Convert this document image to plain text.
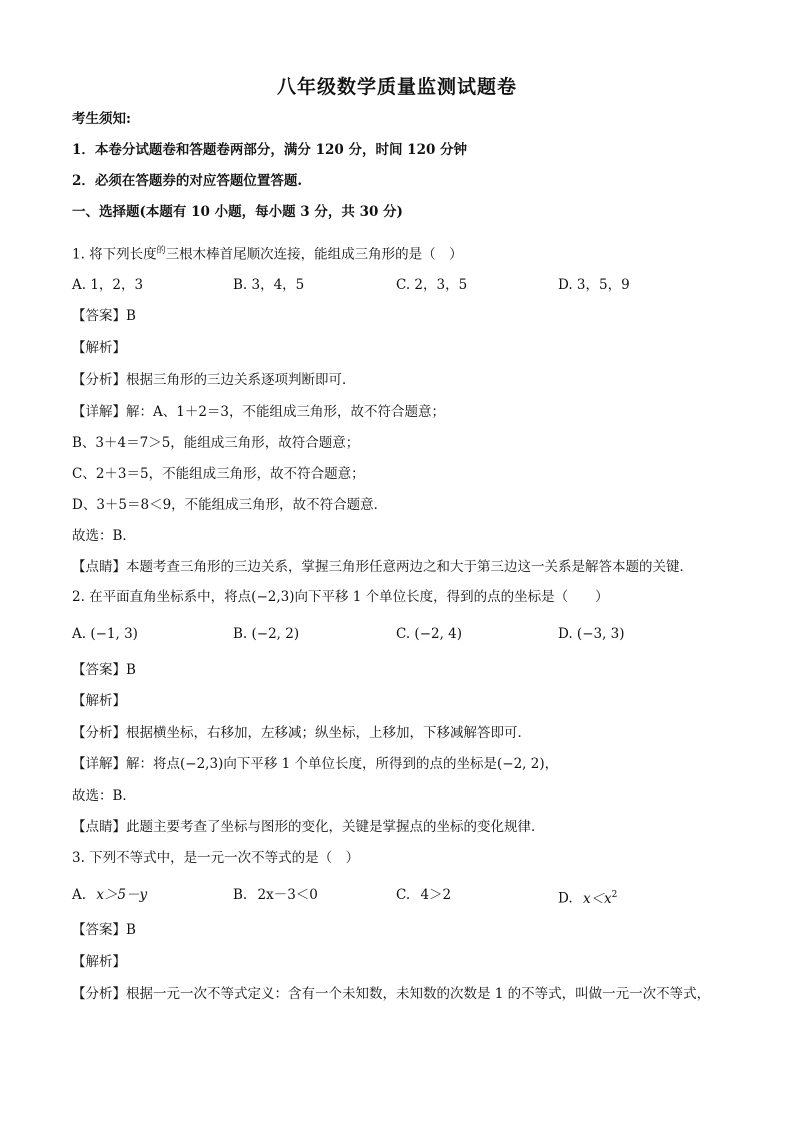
八年级数学质量监测试题卷
考生须知:
1．本卷分试题卷和答题卷两部分，满分 120 分，时间 120 分钟
2．必须在答题券的对应答题位置答题.
一、选择题(本题有 10 小题，每小题 3 分，共 30 分)
1. 将下列长度$^的$三根木棒首尾顺次连接，能组成三角形的是（　）
A. 1，2，3	B. 3，4，5	C. 2，3，5	D. 3，5，9
【答案】B
【解析】
【分析】根据三角形的三边关系逐项判断即可．
【详解】解：A、1＋2＝3，不能组成三角形，故不符合题意；
B、3＋4＝7＞5，能组成三角形，故符合题意；
C、2＋3＝5，不能组成三角形，故不符合题意；
D、3＋5＝8＜9，不能组成三角形，故不符合题意．
故选：B．
【点睛】本题考查三角形的三边关系，掌握三角形任意两边之和大于第三边这一关系是解答本题的关键．
2. 在平面直角坐标系中，将点(−2,3)向下平移 1 个单位长度，得到的点的坐标是（　　）
A. (−1, 3)	B. (−2, 2)	C. (−2, 4)	D. (−3, 3)
【答案】B
【解析】
【分析】根据横坐标，右移加，左移减；纵坐标，上移加，下移减解答即可．
【详解】解：将点(−2,3)向下平移 1 个单位长度，所得到的点的坐标是(−2, 2)，
故选：B．
【点睛】此题主要考查了坐标与图形的变化，关键是掌握点的坐标的变化规律．
3. 下列不等式中，是一元一次不等式的是（　）
A. x＞5－y	B. 2x－3＜0	C. 4＞2	D. $x<x^2$
【答案】B
【解析】
【分析】根据一元一次不等式定义：含有一个未知数，未知数的次数是 1 的不等式，叫做一元一次不等式，
